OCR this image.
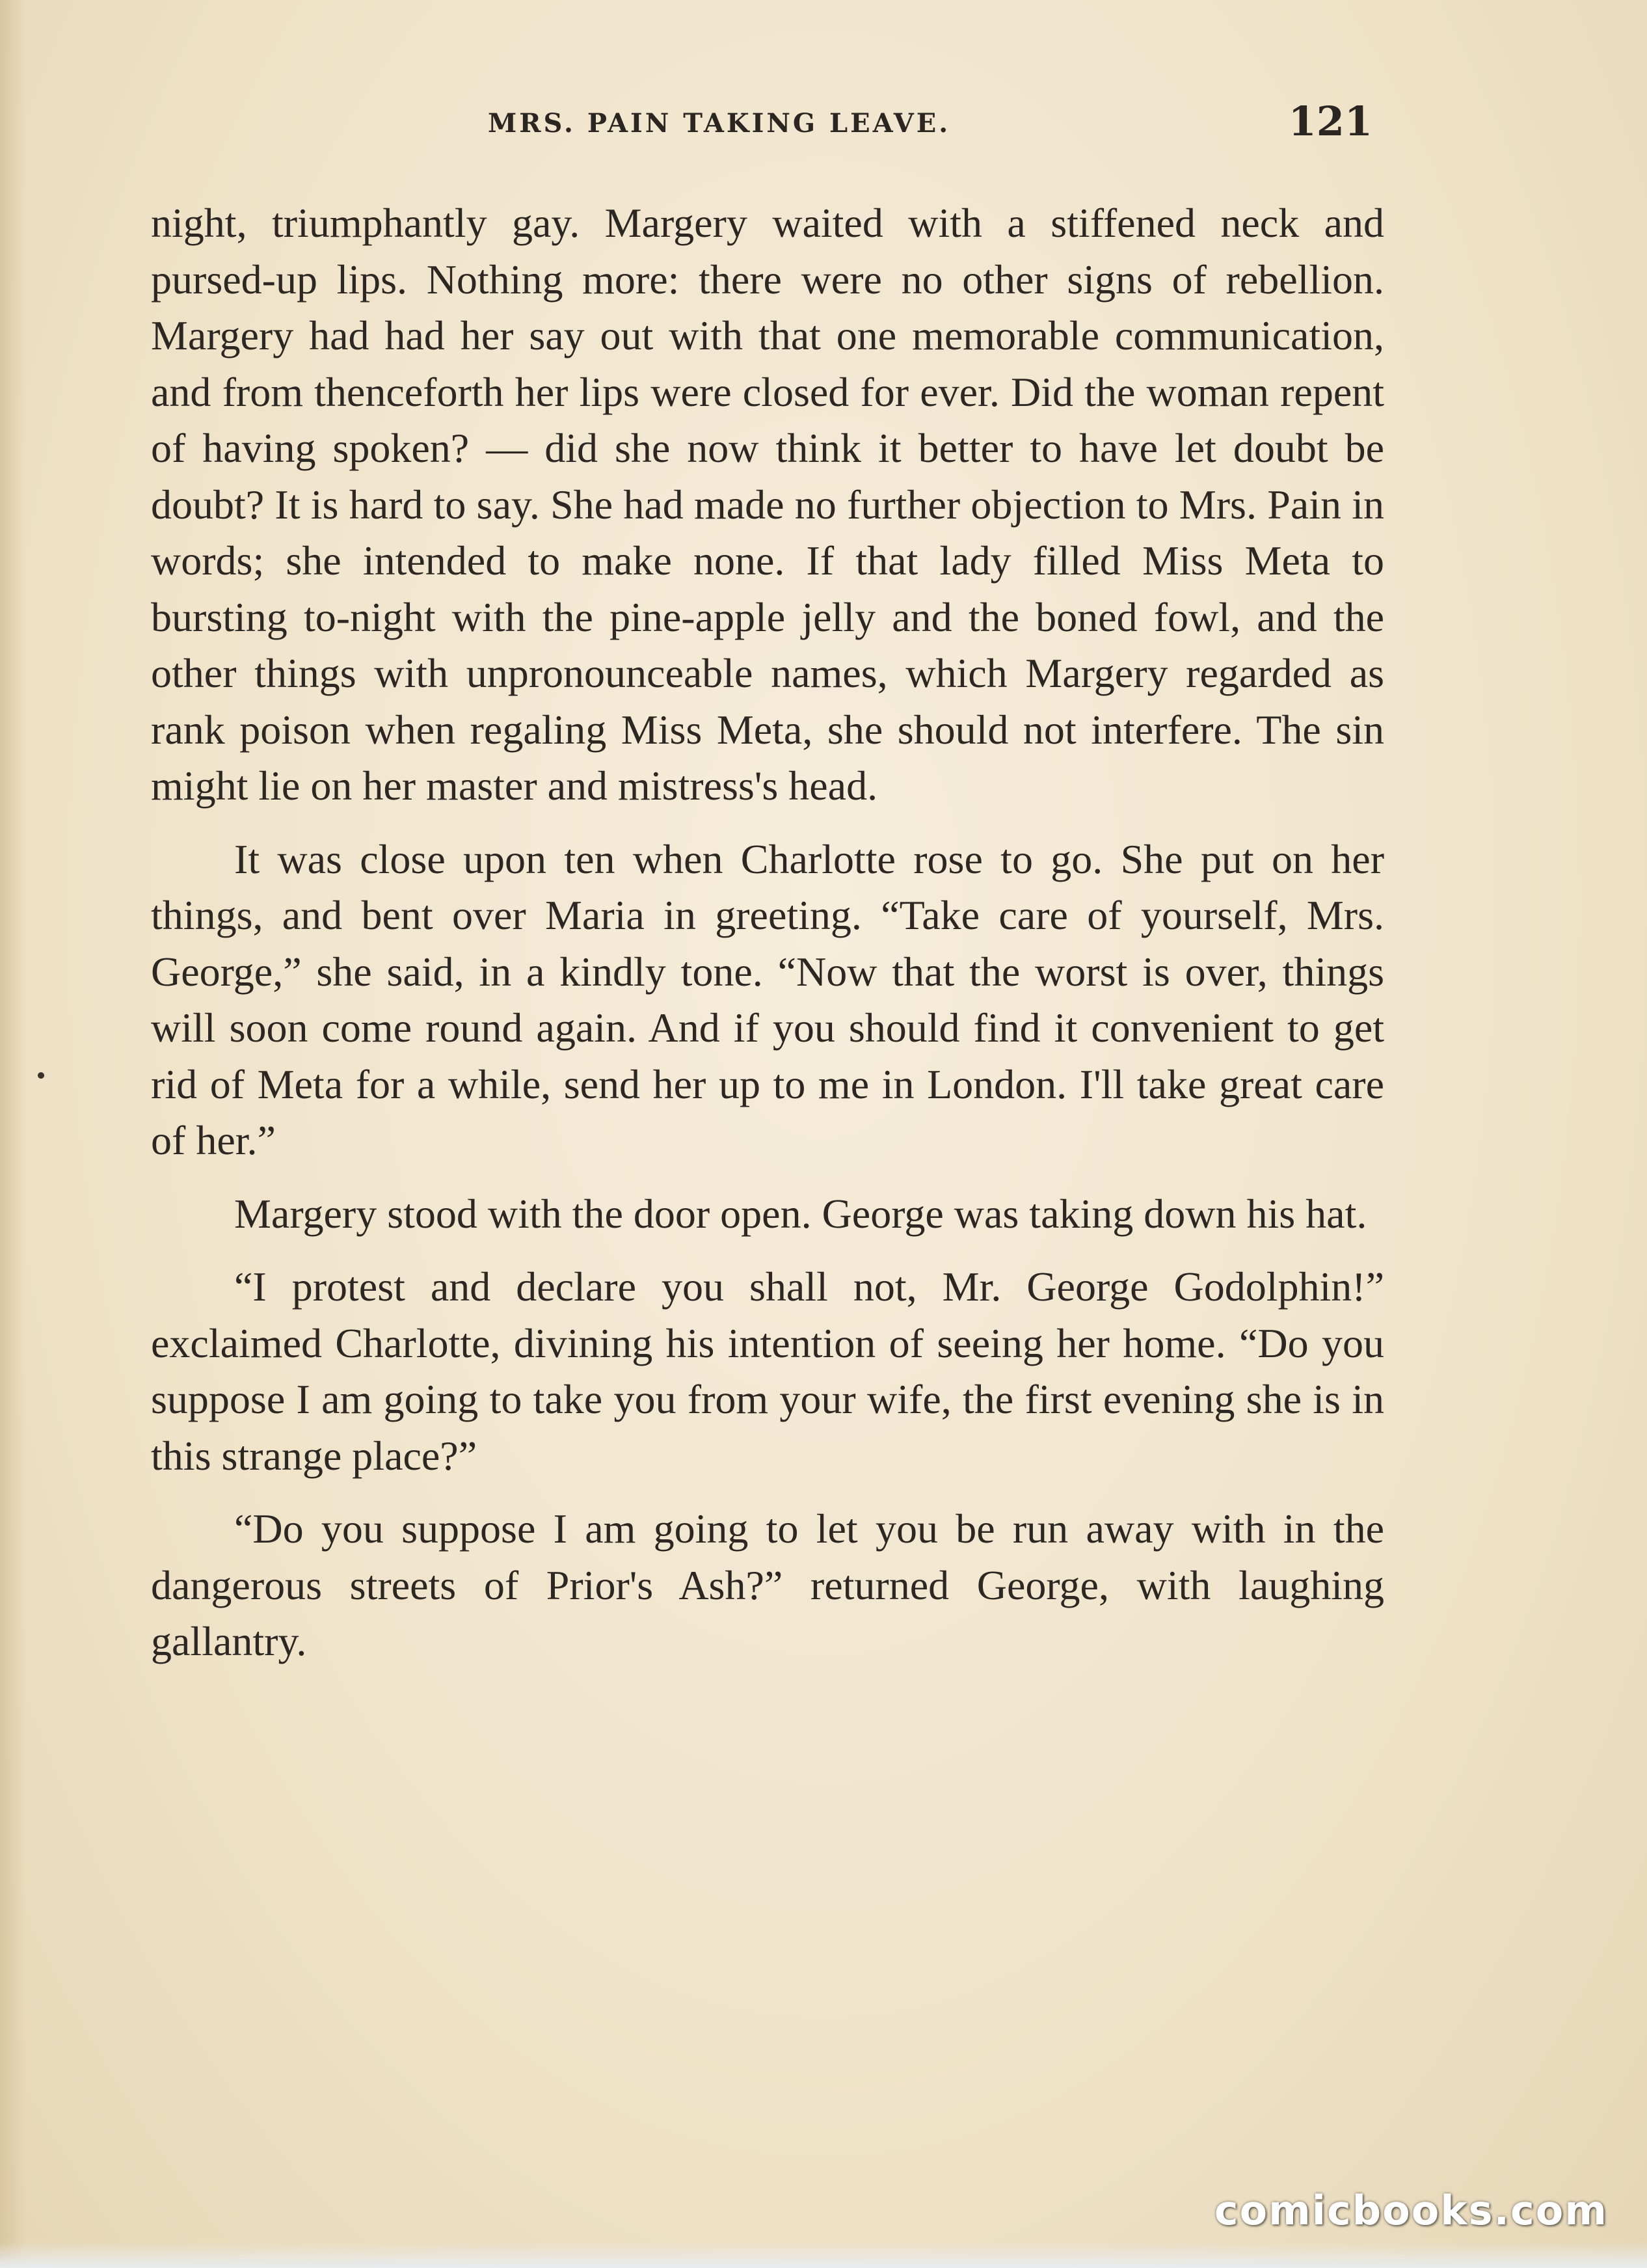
MRS. PAIN TAKING LEAVE.	121

night, triumphantly gay. Margery waited with a stiffened neck and pursed-up lips. Nothing more: there were no other signs of rebellion. Margery had had her say out with that one memorable communication, and from thenceforth her lips were closed for ever. Did the woman repent of having spoken? — did she now think it better to have let doubt be doubt? It is hard to say. She had made no further objection to Mrs. Pain in words; she intended to make none. If that lady filled Miss Meta to bursting to-night with the pine-apple jelly and the boned fowl, and the other things with unpronounceable names, which Margery regarded as rank poison when regaling Miss Meta, she should not interfere. The sin might lie on her master and mistress's head.

It was close upon ten when Charlotte rose to go. She put on her things, and bent over Maria in greeting. “Take care of yourself, Mrs. George,” she said, in a kindly tone. “Now that the worst is over, things will soon come round again. And if you should find it convenient to get rid of Meta for a while, send her up to me in London. I'll take great care of her.”

Margery stood with the door open. George was taking down his hat.

“I protest and declare you shall not, Mr. George Godolphin!” exclaimed Charlotte, divining his intention of seeing her home. “Do you suppose I am going to take you from your wife, the first evening she is in this strange place?”

“Do you suppose I am going to let you be run away with in the dangerous streets of Prior's Ash?” returned George, with laughing gallantry.

comicbooks.com
